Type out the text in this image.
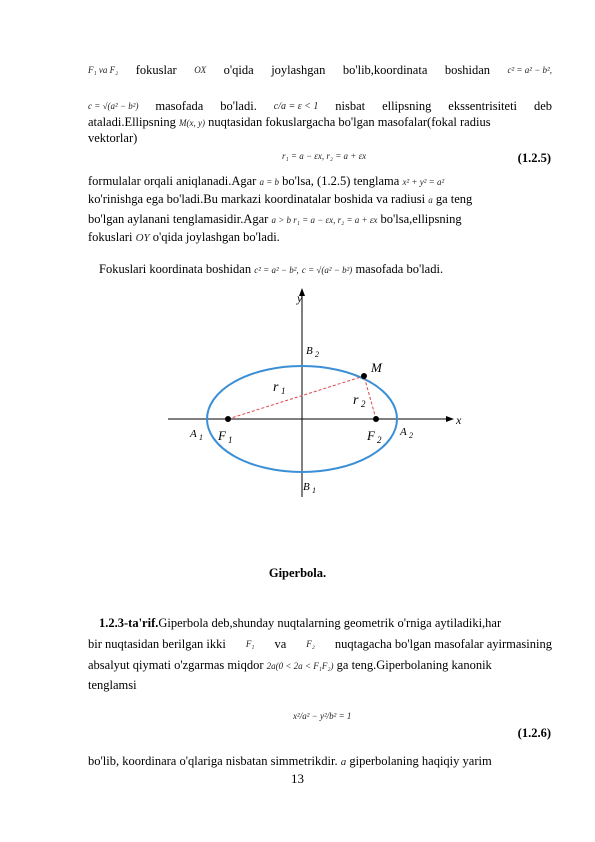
F₁ va F₂ fokuslar OX o'qida joylashgan bo'lib,koordinata boshidan c² = a² − b²,
c = √(a² − b²) masofada bo'ladi. c/a = ε < 1 nisbat ellipsning ekssentrisiteti deb
ataladi.Ellipsning M(x, y) nuqtasidan fokuslargacha bo'lgan masofalar(fokal radius
vektorlar)
r₁ = a − εx, r₂ = a + εx	(1.2.5)
formulalar orqali aniqlanadi.Agar a = b bo'lsa, (1.2.5) tenglama x² + y² = a²
ko'rinishga ega bo'ladi.Bu markazi koordinatalar boshida va radiusi a ga teng
bo'lgan aylanani tenglamasidir.Agar a > b r₁ = a − εx, r₂ = a + εx bo'lsa,ellipsning
fokuslari OY o'qida joylashgan bo'ladi.
Fokuslari koordinata boshidan c² = a² − b², c = √(a² − b²) masofada bo'ladi.
y
x
M
B 2
B 1
A 1	A 2
F 1	F 2
r 1
r 2
Giperbola.
1.2.3-ta'rif.Giperbola deb,shunday nuqtalarning geometrik o'rniga aytiladiki,har
bir nuqtasidan berilgan ikki F₁ va F₂ nuqtagacha bo'lgan masofalar ayirmasining
absalyut qiymati o'zgarmas miqdor 2a(0 < 2a < F₁F₂) ga teng.Giperbolaning kanonik
tenglamsi
x²/a² − y²/b² = 1
(1.2.6)
bo'lib, koordinara o'qlariga nisbatan simmetrikdir. a giperbolaning haqiqiy yarim
13
